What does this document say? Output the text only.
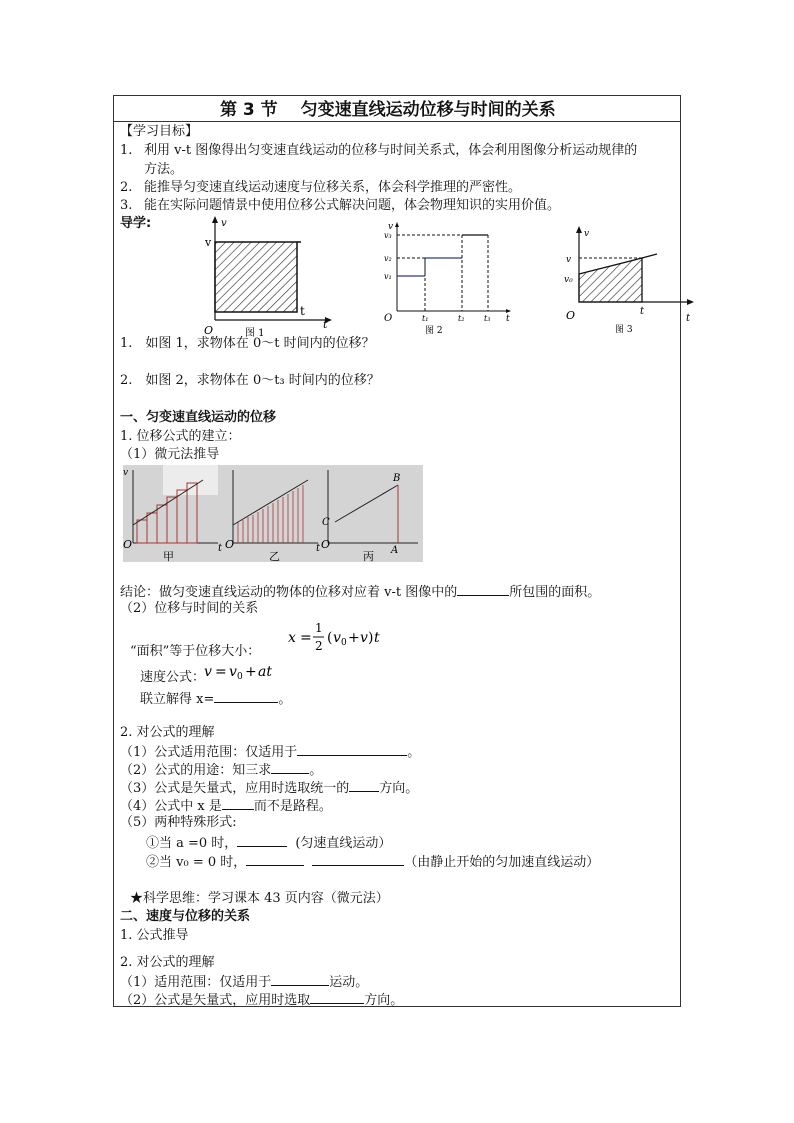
第 3 节　 匀变速直线运动位移与时间的关系
【学习目标】
1. 利用 v-t 图像得出匀变速直线运动的位移与时间关系式，体会利用图像分析运动规律的
方法。
2. 能推导匀变速直线运动速度与位移关系，体会科学推理的严密性。
3. 能在实际问题情景中使用位移公式解决问题，体会物理知识的实用价值。
导学:	v
v
t
O	t
图 1
v
v₁
v₂
v₃
O	t₁	t₂ t₃ t
图 2
v
v
v₀
O	t
t
图 3
1.　如图 1，求物体在 0～t 时间内的位移？
2.　如图 2，求物体在 0～t₃ 时间内的位移？
一、匀变速直线运动的位移
1. 位移公式的建立：
（1）微元法推导
O
v
t
甲
O	t
乙
O
C
B
A
丙
结论：做匀变速直线运动的物体的位移对应着 v-t 图像中的	所包围的面积。
（2）位移与时间的关系
x =
1
2 ( v 0 + v ) t
“面积”等于位移大小：
速度公式：
v = v 0 + at
联立解得 x=	。
2. 对公式的理解
（1）公式适用范围：仅适用于	。
（2）公式的用途：知三求	。
（3）公式是矢量式，应用时选取统一的 方向。
（4）公式中 x 是 而不是路程。
（5）两种特殊形式:
①当 a =0 时，	(匀速直线运动）
②当 v₀ = 0 时，	（由静止开始的匀加速直线运动）
★科学思维：学习课本 43 页内容（微元法）
二、速度与位移的关系
1. 公式推导
2. 对公式的理解
（1）适用范围：仅适用于	运动。
（2）公式是矢量式，应用时选取	方向。
